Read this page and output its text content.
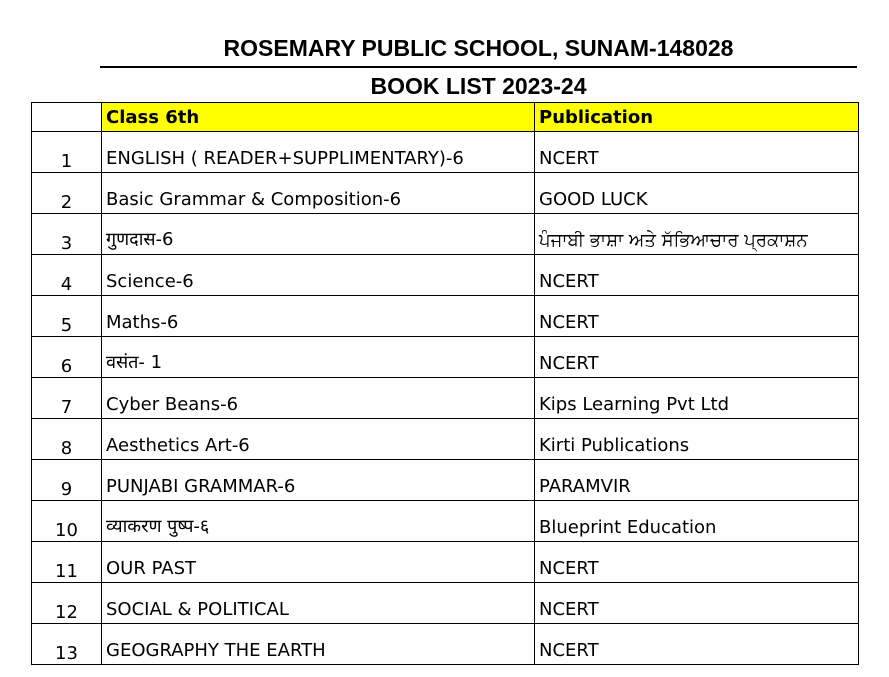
ROSEMARY PUBLIC SCHOOL, SUNAM-148028
BOOK LIST 2023-24
	Class 6th	Publication
1	ENGLISH ( READER+SUPPLIMENTARY)-6	NCERT
2	Basic Grammar & Composition-6	GOOD LUCK
3	गुणदास-6	ਪੰਜਾਬੀ ਭਾਸ਼ਾ ਅਤੇ ਸੱਭਿਆਚਾਰ ਪ੍ਰਕਾਸ਼ਨ
4	Science-6	NCERT
5	Maths-6	NCERT
6	वसंत- 1	NCERT
7	Cyber Beans-6	Kips Learning Pvt Ltd
8	Aesthetics Art-6	Kirti Publications
9	PUNJABI GRAMMAR-6	PARAMVIR
10	व्याकरण पुष्प-६	Blueprint Education
11	OUR PAST	NCERT
12	SOCIAL & POLITICAL	NCERT
13	GEOGRAPHY THE EARTH	NCERT
